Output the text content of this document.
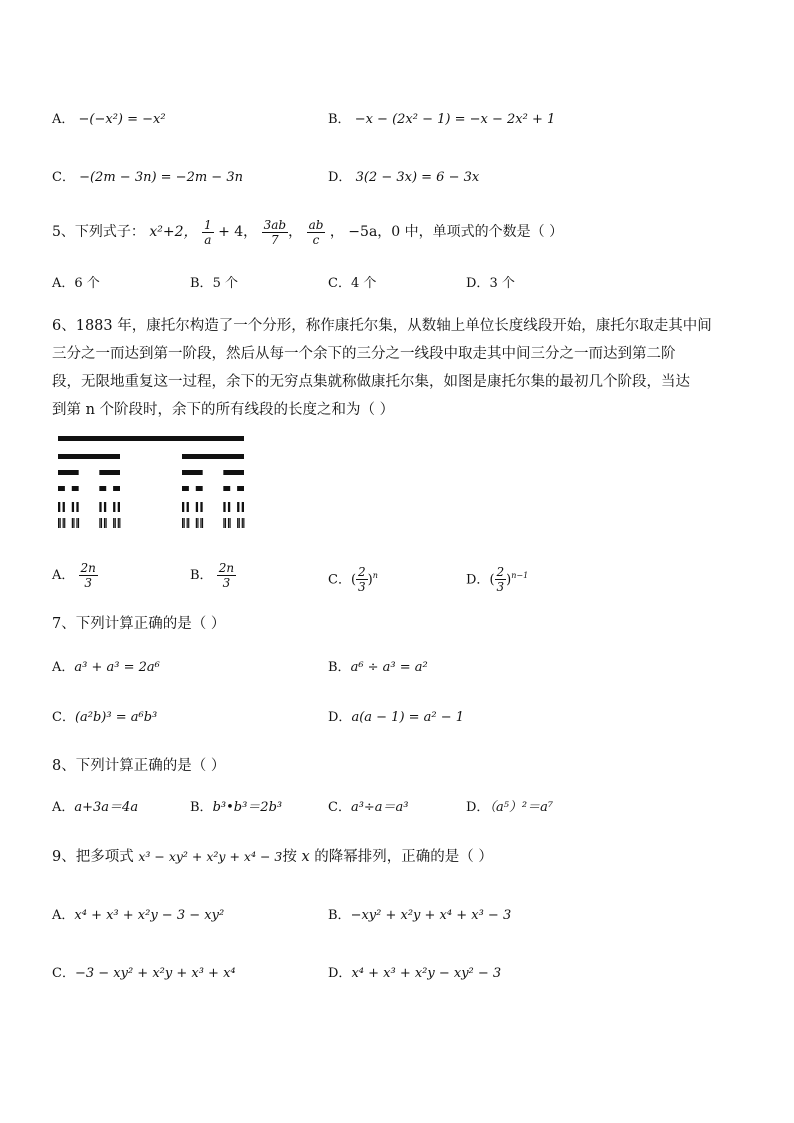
A． −(−x²) = −x²	B． −x − (2x² − 1) = −x − 2x² + 1
C． −(2m − 3n) = −2m − 3n	D． 3(2 − 3x) = 6 − 3x
5、下列式子： x²+2， $\frac{1}{a} + 4$， $\frac{3ab}{7}$ ， $\frac{ab}{c}$ ， −5a，0 中，单项式的个数是（ ）
A．6 个	B．5 个	C．4 个	D．3 个
6、1883 年，康托尔构造了一个分形，称作康托尔集，从数轴上单位长度线段开始，康托尔取走其中间
三分之一而达到第一阶段，然后从每一个余下的三分之一线段中取走其中间三分之一而达到第二阶
段，无限地重复这一过程，余下的无穷点集就称做康托尔集，如图是康托尔集的最初几个阶段，当达
到第 n 个阶段时，余下的所有线段的长度之和为（ ）
A． $\frac{2n}{3}$	B． $\frac{2n}{3}$	C．( $\frac{2}{3} )^n$	D．( $\frac{2}{3} )^{n-1}$
7、下列计算正确的是（ ）
A．a³ + a³ = 2a⁶	B．a⁶ ÷ a³ = a²
C．(a²b)³ = a⁶b³	D．a(a − 1) = a² − 1
8、下列计算正确的是（ ）
A．a+3a＝4a	B．b³•b³＝2b³	C．a³÷a＝a³	D．（a⁵）²＝a⁷
9、把多项式 x³ − xy² + x²y + x⁴ − 3按 x 的降幂排列，正确的是（ ）
A．x⁴ + x³ + x²y − 3 − xy²	B．−xy² + x²y + x⁴ + x³ − 3
C．−3 − xy² + x²y + x³ + x⁴	D．x⁴ + x³ + x²y − xy² − 3
